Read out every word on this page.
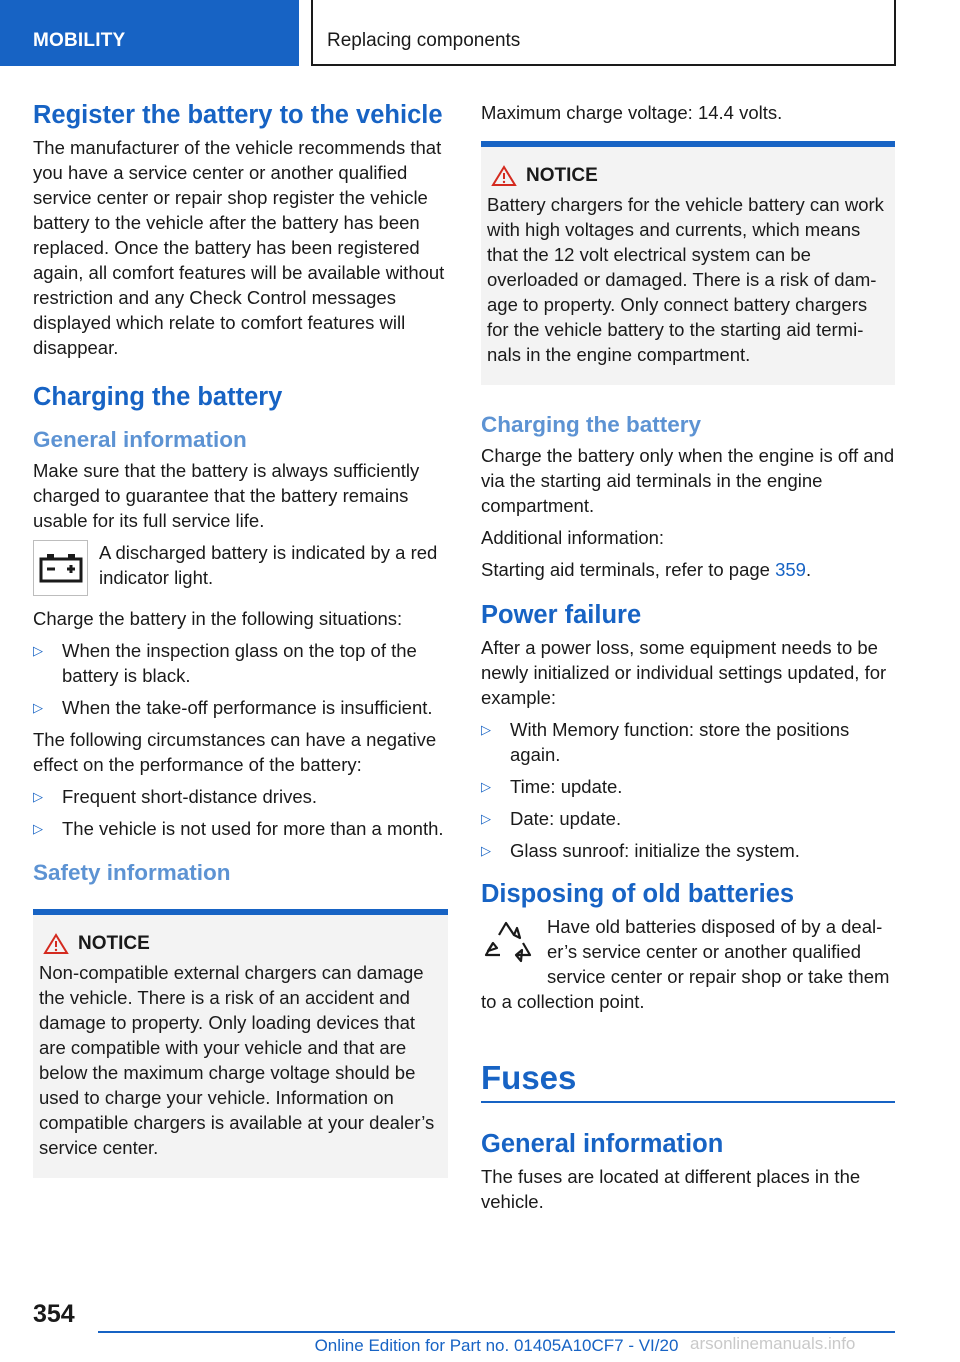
MOBILITY	Replacing components
Register the battery to the vehicle

The manufacturer of the vehicle recommends that you have a service center or another qualified service center or repair shop register the vehicle battery to the vehicle after the battery has been replaced. Once the battery has been registered again, all comfort features will be available without restriction and any Check Control messages displayed which relate to comfort features will disappear.

Charging the battery
General information

Make sure that the battery is always sufficiently charged to guarantee that the battery remains usable for its full service life.

A discharged battery is indicated by a red indicator light.

Charge the battery in the following situations:

▷ When the inspection glass on the top of the battery is black.
▷ When the take-off performance is insufficient.

The following circumstances can have a negative effect on the performance of the battery:

▷ Frequent short-distance drives.
▷ The vehicle is not used for more than a month.
Safety information
NOTICE

Non-compatible external chargers can damage the vehicle. There is a risk of an accident and damage to property. Only loading devices that are compatible with your vehicle and that are below the maximum charge voltage should be used to charge your vehicle. Information on compatible chargers is available at your dealer’s service center.

Maximum charge voltage: 14.4 volts.

NOTICE

Battery chargers for the vehicle battery can work with high voltages and currents, which means that the 12 volt electrical system can be overloaded or damaged. There is a risk of damage to property. Only connect battery chargers for the vehicle battery to the starting aid terminals in the engine compartment.

Charging the battery

Charge the battery only when the engine is off and via the starting aid terminals in the engine compartment.

Additional information:

Starting aid terminals, refer to page 359.

Power failure

After a power loss, some equipment needs to be newly initialized or individual settings updated, for example:

▷ With Memory function: store the positions again.
▷ Time: update.
▷ Date: update.
▷ Glass sunroof: initialize the system.
Disposing of old batteries

Have old batteries disposed of by a dealer’s service center or another qualified service center or repair shop or take them to a collection point.

Fuses
General information

The fuses are located at different places in the vehicle.

354
Online Edition for Part no. 01405A10CF7 - VI/20 arsonlinemanuals.info
